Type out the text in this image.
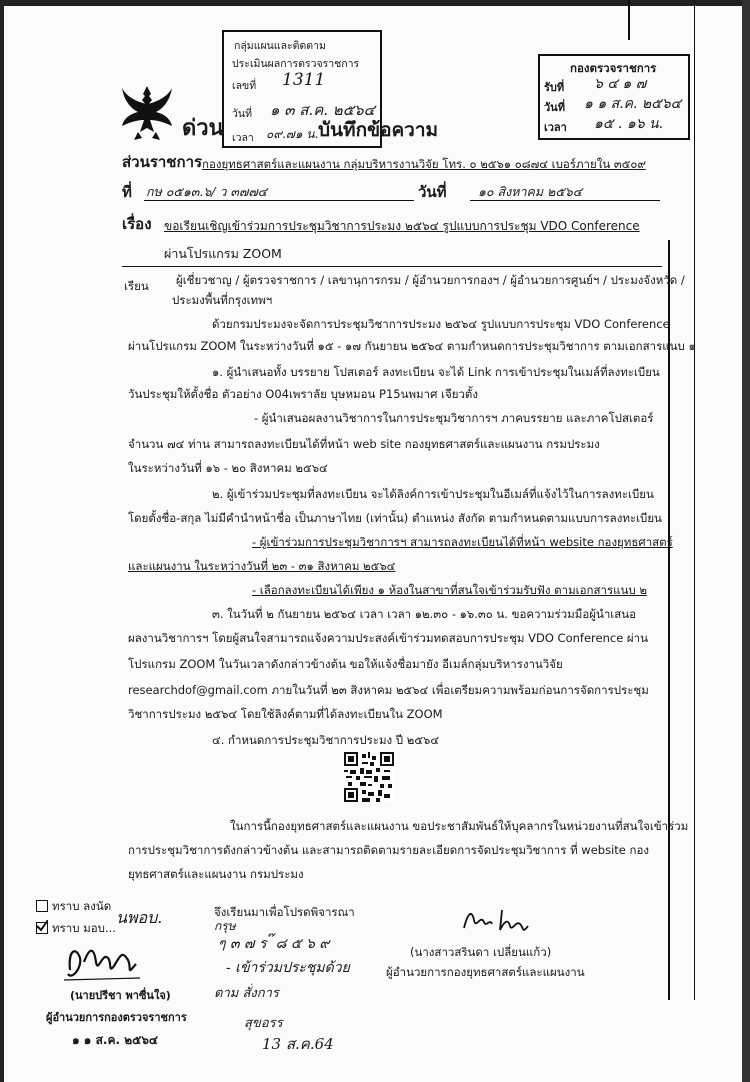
กลุ่มแผนและติดตาม
ประเมินผลการตรวจราชการ
เลขที่ 1311
วันที่ ๑ ๓ ส.ค. ๒๕๖๔
เวลา ๐๙.๗๑ น.
กองตรวจราชการ
รับที่ ๖ ๔ ๑ ๗
วันที่ ๑ ๑ ส.ค. ๒๕๖๔
เวลา ๑๕ . ๑๖ น.
ด่วน	บันทึกข้อความ
ส่วนราชการ กองยุทธศาสตร์และแผนงาน กลุ่มบริหารงานวิจัย โทร. ๐ ๒๕๖๑ ๐๘๗๔ เบอร์ภายใน ๓๕๐๙
ที่ กษ ๐๕๑๓.๖/ ว ๓๗๗๔	วันที่	๑๐ สิงหาคม ๒๕๖๔
เรื่อง ขอเรียนเชิญเข้าร่วมการประชุมวิชาการประมง ๒๕๖๔ รูปแบบการประชุม VDO Conference
ผ่านโปรแกรม ZOOM
เรียน ผู้เชี่ยวชาญ / ผู้ตรวจราชการ / เลขานุการกรม / ผู้อำนวยการกองฯ / ผู้อำนวยการศูนย์ฯ / ประมงจังหวัด /
ประมงพื้นที่กรุงเทพฯ
ด้วยกรมประมงจะจัดการประชุมวิชาการประมง ๒๕๖๔ รูปแบบการประชุม VDO Conference
ผ่านโปรแกรม ZOOM ในระหว่างวันที่ ๑๕ - ๑๗ กันยายน ๒๕๖๔ ตามกำหนดการประชุมวิชาการ ตามเอกสารแนบ ๑
๑. ผู้นำเสนอทั้ง บรรยาย โปสเตอร์ ลงทะเบียน จะได้ Link การเข้าประชุมในเมล์ที่ลงทะเบียน
วันประชุมให้ตั้งชื่อ ตัวอย่าง O04เพราลัย บุษหมอน P15นพมาศ เจียวตั้ง
- ผู้นำเสนอผลงานวิชาการในการประชุมวิชาการฯ ภาคบรรยาย และภาคโปสเตอร์
จำนวน ๗๔ ท่าน สามารถลงทะเบียนได้ที่หน้า web site กองยุทธศาสตร์และแผนงาน กรมประมง
ในระหว่างวันที่ ๑๖ - ๒๐ สิงหาคม ๒๕๖๔
๒. ผู้เข้าร่วมประชุมที่ลงทะเบียน จะได้ลิงค์การเข้าประชุมในอีเมล์ที่แจ้งไว้ในการลงทะเบียน
โดยตั้งชื่อ-สกุล ไม่มีคำนำหน้าชื่อ เป็นภาษาไทย (เท่านั้น) ตำแหน่ง สังกัด ตามกำหนดตามแบบการลงทะเบียน
- ผู้เข้าร่วมการประชุมวิชาการฯ สามารถลงทะเบียนได้ที่หน้า website กองยุทธศาสตร์
และแผนงาน ในระหว่างวันที่ ๒๓ - ๓๑ สิงหาคม ๒๕๖๔
- เลือกลงทะเบียนได้เพียง ๑ ห้องในสาขาที่สนใจเข้าร่วมรับฟัง ตามเอกสารแนบ ๒
๓. ในวันที่ ๒ กันยายน ๒๕๖๔ เวลา เวลา ๑๒.๓๐ - ๑๖.๓๐ น. ขอความร่วมมือผู้นำเสนอ
ผลงานวิชาการฯ โดยผู้สนใจสามารถแจ้งความประสงค์เข้าร่วมทดสอบการประชุม VDO Conference ผ่าน
โปรแกรม ZOOM ในวันเวลาดังกล่าวข้างต้น ขอให้แจ้งชื่อมายัง อีเมล์กลุ่มบริหารงานวิจัย
researchdof@gmail.com ภายในวันที่ ๒๓ สิงหาคม ๒๕๖๔ เพื่อเตรียมความพร้อมก่อนการจัดการประชุม
วิชาการประมง ๒๕๖๔ โดยใช้ลิงค์ตามที่ได้ลงทะเบียนใน ZOOM
๔. กำหนดการประชุมวิชาการประมง ปี ๒๕๖๔
ในการนี้กองยุทธศาสตร์และแผนงาน ขอประชาสัมพันธ์ให้บุคลากรในหน่วยงานที่สนใจเข้าร่วม
การประชุมวิชาการดังกล่าวข้างต้น และสามารถติดตามรายละเอียดการจัดประชุมวิชาการ ที่ website กอง
ยุทธศาสตร์และแผนงาน กรมประมง
ทราบ ลงนัด
ทราบ มอบ...
นพอบ.	จึงเรียนมาเพื่อโปรดพิจารณา
(นายปรีชา พาซื่นใจ)
ผู้อำนวยการกองตรวจราชการ
๑ ๑ ส.ค. ๒๕๖๔
กรุษ
ๆ ๓ ๗ ร ๊ ๘ ๕ ๖ ๙
- เข้าร่วมประชุมด้วย
ตาม สั่งการ
สุขอรร
13 ส.ค.64
(นางสาวสรินดา เปลี่ยนแก้ว)
ผู้อำนวยการกองยุทธศาสตร์และแผนงาน
